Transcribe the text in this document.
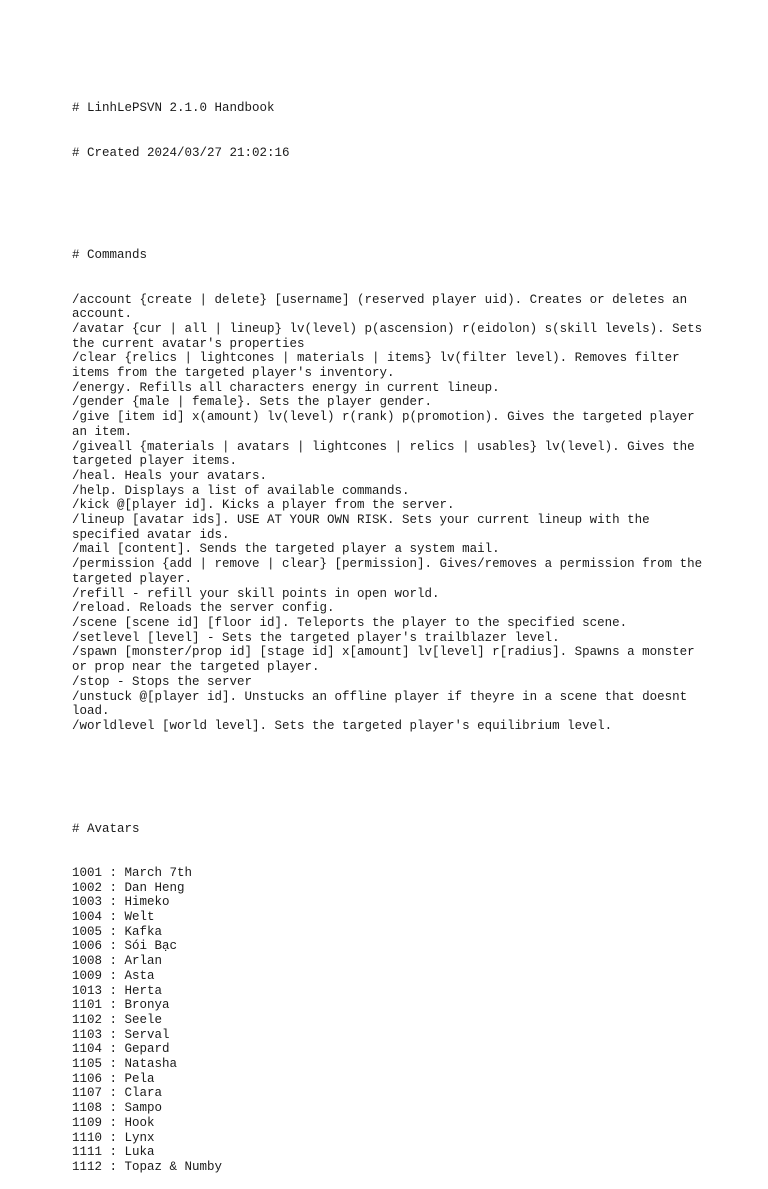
# LinhLePSVN 2.1.0 Handbook

# Created 2024/03/27 21:02:16

# Commands

/account {create | delete} [username] (reserved player uid). Creates or deletes an account.
/avatar {cur | all | lineup} lv(level) p(ascension) r(eidolon) s(skill levels). Sets the current avatar's properties
/clear {relics | lightcones | materials | items} lv(filter level). Removes filter items from the targeted player's inventory.
/energy. Refills all characters energy in current lineup.
/gender {male | female}. Sets the player gender.
/give [item id] x(amount) lv(level) r(rank) p(promotion). Gives the targeted player an item.
/giveall {materials | avatars | lightcones | relics | usables} lv(level). Gives the targeted player items.
/heal. Heals your avatars.
/help. Displays a list of available commands.
/kick @[player id]. Kicks a player from the server.
/lineup [avatar ids]. USE AT YOUR OWN RISK. Sets your current lineup with the specified avatar ids.
/mail [content]. Sends the targeted player a system mail.
/permission {add | remove | clear} [permission]. Gives/removes a permission from the targeted player.
/refill - refill your skill points in open world.
/reload. Reloads the server config.
/scene [scene id] [floor id]. Teleports the player to the specified scene.
/setlevel [level] - Sets the targeted player's trailblazer level.
/spawn [monster/prop id] [stage id] x[amount] lv[level] r[radius]. Spawns a monster or prop near the targeted player.
/stop - Stops the server
/unstuck @[player id]. Unstucks an offline player if theyre in a scene that doesnt load.
/worldlevel [world level]. Sets the targeted player's equilibrium level.

# Avatars

1001 : March 7th
1002 : Dan Heng
1003 : Himeko
1004 : Welt
1005 : Kafka
1006 : Sói Bạc
1008 : Arlan
1009 : Asta
1013 : Herta
1101 : Bronya
1102 : Seele
1103 : Serval
1104 : Gepard
1105 : Natasha
1106 : Pela
1107 : Clara
1108 : Sampo
1109 : Hook
1110 : Lynx
1111 : Luka
1112 : Topaz & Numby
